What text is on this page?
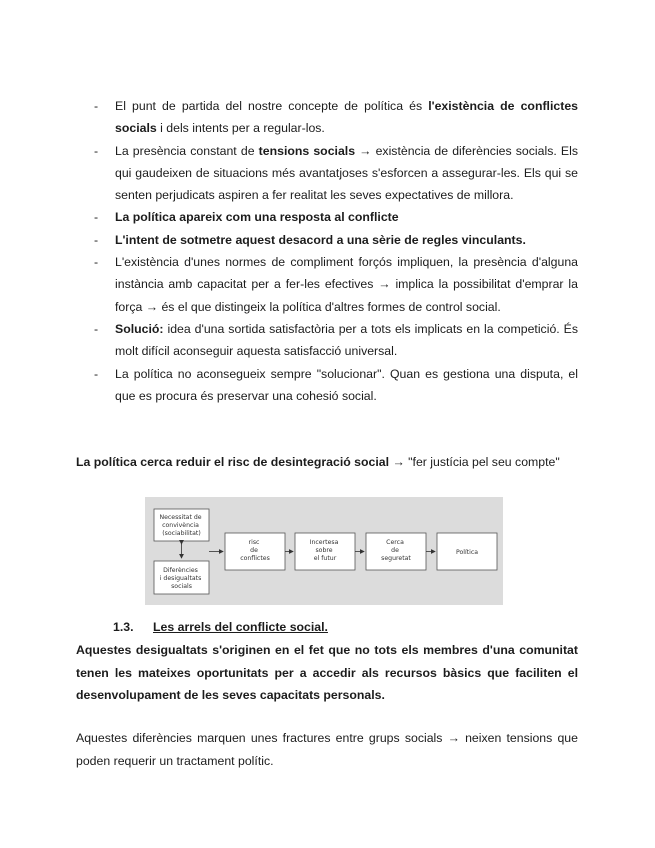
- El punt de partida del nostre concepte de política és l'existència de conflictes socials i dels intents per a regular-los.
- La presència constant de tensions socials → existència de diferències socials. Els qui gaudeixen de situacions més avantatjoses s'esforcen a assegurar-les. Els qui se senten perjudicats aspiren a fer realitat les seves expectatives de millora.
- La política apareix com una resposta al conflicte
- L'intent de sotmetre aquest desacord a una sèrie de regles vinculants.
- L'existència d'unes normes de compliment forçós impliquen, la presència d'alguna instància amb capacitat per a fer-les efectives → implica la possibilitat d'emprar la força → és el que distingeix la política d'altres formes de control social.
- Solució: idea d'una sortida satisfactòria per a tots els implicats en la competició. És molt difícil aconseguir aquesta satisfacció universal.
- La política no aconsegueix sempre "solucionar". Quan es gestiona una disputa, el que es procura és preservar una cohesió social.

La política cerca reduir el risc de desintegració social → "fer justícia pel seu compte"

Necessitat de convivència (sociabilitat)
Diferències i desigualtats socials
risc de conflictes
Incertesa sobre el futur
Cerca de seguretat
Política
1.3. Les arrels del conflicte social.

Aquestes desigualtats s'originen en el fet que no tots els membres d'una comunitat tenen les mateixes oportunitats per a accedir als recursos bàsics que faciliten el desenvolupament de les seves capacitats personals.

Aquestes diferències marquen unes fractures entre grups socials → neixen tensions que poden requerir un tractament polític.
